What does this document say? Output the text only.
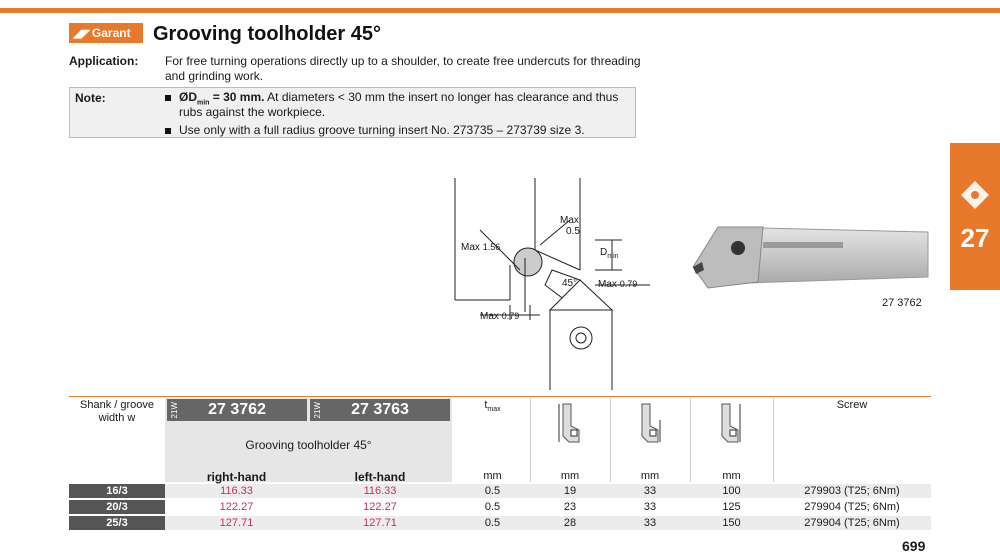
◢◤ Garant Grooving toolholder 45°
Application: For free turning operations directly up to a shoulder, to create free undercuts for threading
and grinding work.
Note:	$ØD_{min} = 30$ mm. At diameters < 30 mm the insert no longer has clearance and thus
rubs against the workpiece.
Use only with a full radius groove turning insert No. 273735 – 273739 size 3.
27
Max
0.5
Max 1.56	$D_{min}$
45° Max 0.79
Max 0.79
27 3762
Shank / groove width w	27 3762	27 3763
21W	21W
Grooving toolholder 45°
right-hand	left-hand
$t_{max}$	Screw
mm	mm	mm	mm
16/3	116.33	116.33	0.5	19	33	100	279903 (T25; 6Nm)
20/3	122.27	122.27	0.5	23	33	125	279904 (T25; 6Nm)
25/3	127.71	127.71	0.5	28	33	150	279904 (T25; 6Nm)
699
